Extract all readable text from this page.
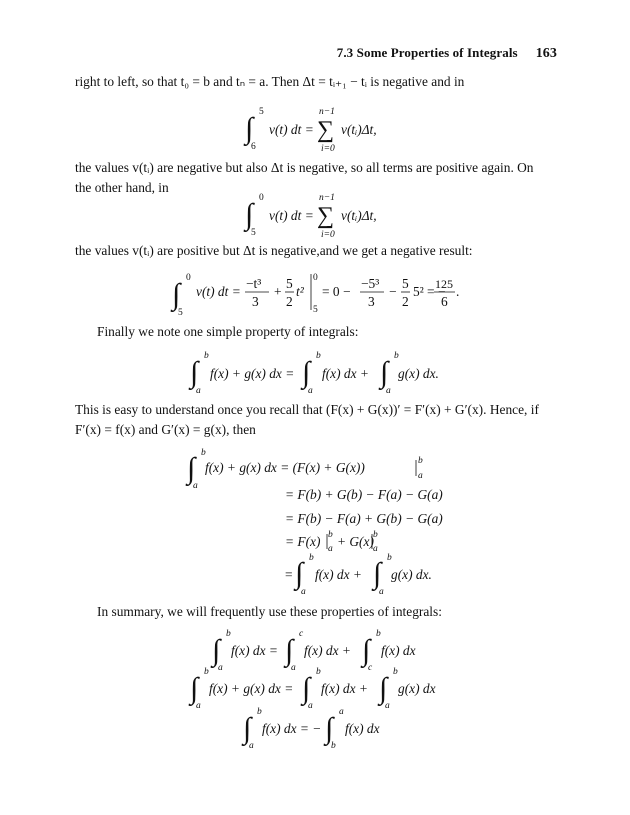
7.3 Some Properties of Integrals 163
right to left, so that t₀ = b and tₙ = a. Then Δt = tᵢ₊₁ − tᵢ is negative and in
∫ 5
6
v(t) dt =
n−1
∑
i=0
v(tᵢ)Δt,
the values v(tᵢ) are negative but also Δt is negative, so all terms are positive again. On
the other hand, in
∫ 0
5
v(t) dt =
n−1
∑
i=0
v(tᵢ)Δt,
the values v(tᵢ) are positive but Δt is negative,and we get a negative result:
∫ 0
5
v(t) dt =
−t³
3
+
5
2
t²
0
5
= 0 −
−5³
3
−
5
2
5² = −
125
6
.
Finally we note one simple property of integrals:
∫ b
a
f(x) + g(x) dx = ∫ b
a
f(x) dx + ∫ b
a
g(x) dx.
This is easy to understand once you recall that (F(x) + G(x))′ = F′(x) + G′(x). Hence, if
F′(x) = f(x) and G′(x) = g(x), then
∫ b
a
f(x) + g(x) dx = (F(x) + G(x))	b
a
= F(b) + G(b) − F(a) − G(a)
= F(b) − F(a) + G(b) − G(a)
= F(x) b
a + G(x) b
a
= ∫ b
a
f(x) dx + ∫ b
a
g(x) dx.
In summary, we will frequently use these properties of integrals:
∫ b
a
f(x) dx = ∫ c
a
f(x) dx + ∫ b
c
f(x) dx
∫ b
a
f(x) + g(x) dx = ∫ b
a
f(x) dx + ∫ b
a
g(x) dx
∫ b
a
f(x) dx = − ∫ a
b
f(x) dx
